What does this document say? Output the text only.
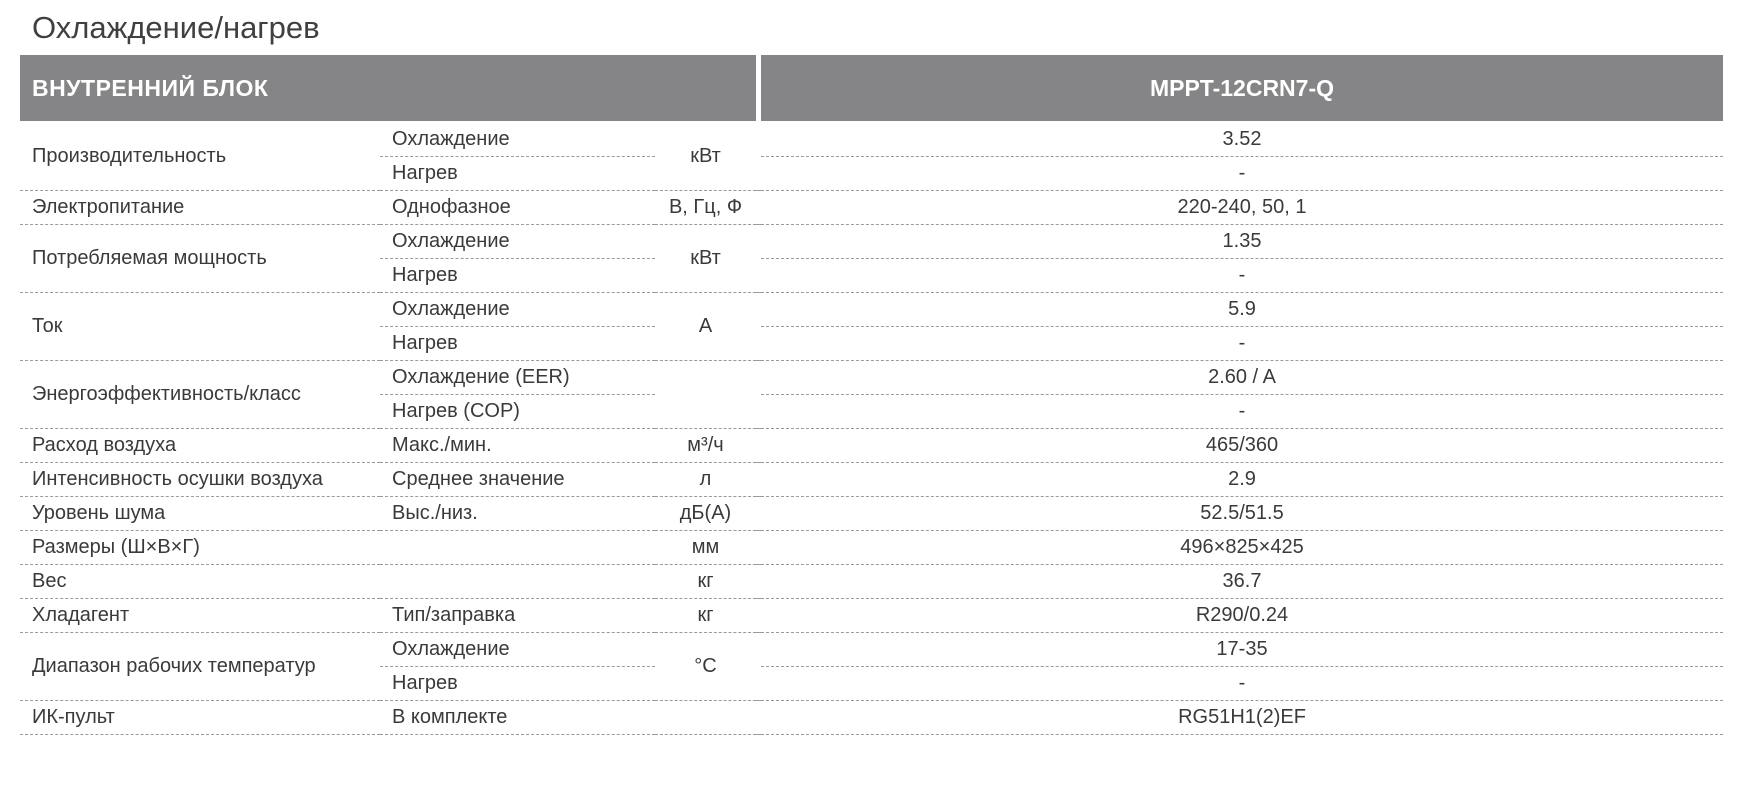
Охлаждение/нагрев
ВНУТРЕННИЙ БЛОК	MPPT-12CRN7-Q
Производительность	Охлаждение	кВт		3.52
	Нагрев			-
Электропитание	Однофазное	В, Гц, Ф		220-240, 50, 1
Потребляемая мощность	Охлаждение	кВт		1.35
	Нагрев			-
Ток	Охлаждение	А		5.9
	Нагрев			-
Энергоэффективность/класс	Охлаждение (EER)			2.60 / A
	Нагрев (COP)			-
Расход воздуха	Макс./мин.	м³/ч		465/360
Интенсивность осушки воздуха	Среднее значение	л		2.9
Уровень шума	Выс./низ.	дБ(А)		52.5/51.5
Размеры (Ш×В×Г)		мм		496×825×425
Вес		кг		36.7
Хладагент	Тип/заправка	кг		R290/0.24
Диапазон рабочих температур	Охлаждение	°C		17-35
	Нагрев			-
ИК-пульт	В комплекте			RG51H1(2)EF
